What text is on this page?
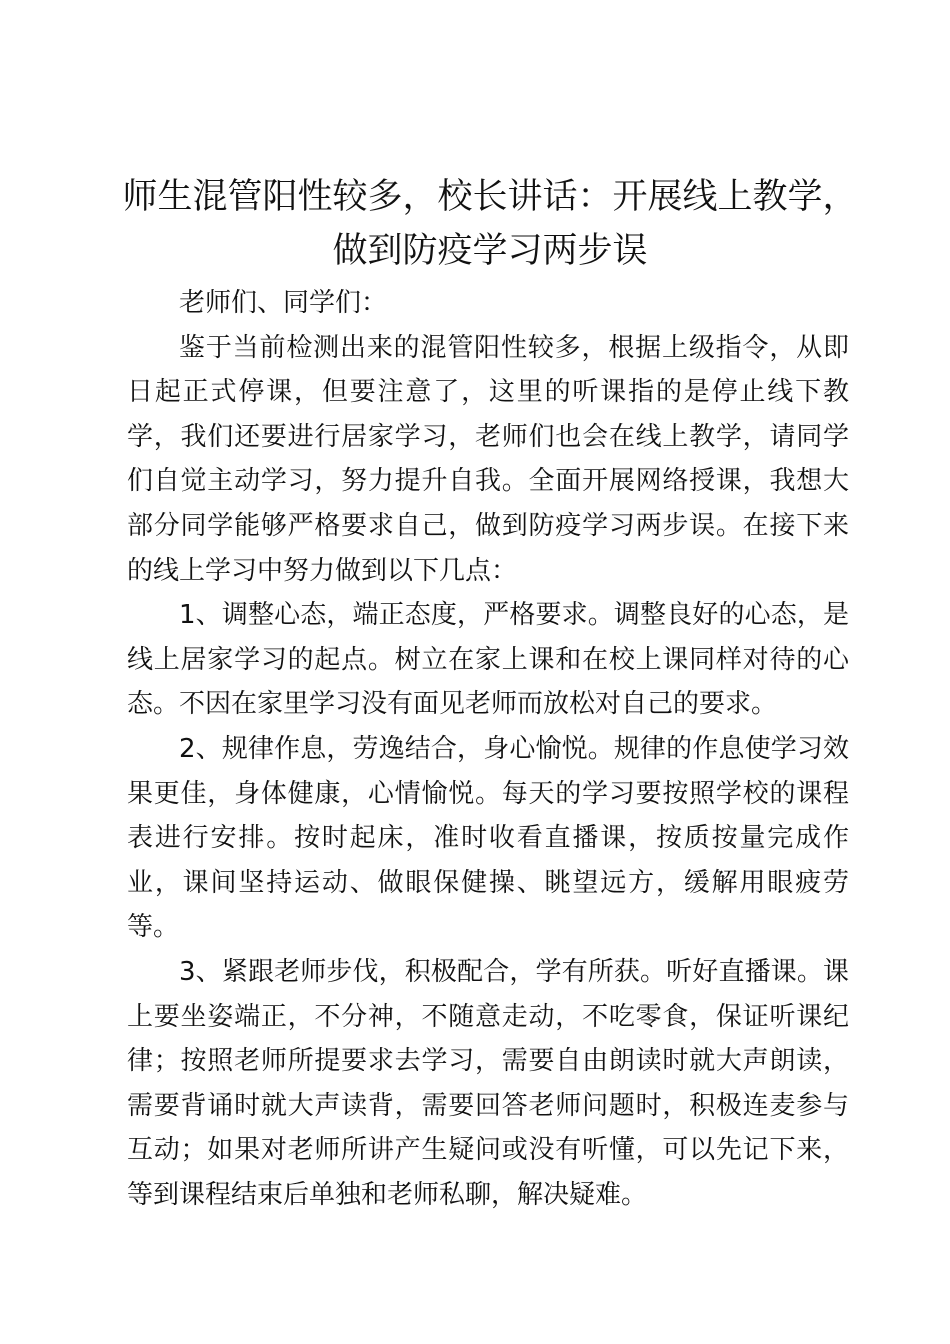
师生混管阳性较多，校长讲话：开展线上教学，做到防疫学习两步误

老师们、同学们：

鉴于当前检测出来的混管阳性较多，根据上级指令，从即日起正式停课，但要注意了，这里的听课指的是停止线下教学，我们还要进行居家学习，老师们也会在线上教学，请同学们自觉主动学习，努力提升自我。全面开展网络授课，我想大部分同学能够严格要求自己，做到防疫学习两步误。在接下来的线上学习中努力做到以下几点：

1、调整心态，端正态度，严格要求。调整良好的心态，是线上居家学习的起点。树立在家上课和在校上课同样对待的心态。不因在家里学习没有面见老师而放松对自己的要求。

2、规律作息，劳逸结合，身心愉悦。规律的作息使学习效果更佳，身体健康，心情愉悦。每天的学习要按照学校的课程表进行安排。按时起床，准时收看直播课，按质按量完成作业，课间坚持运动、做眼保健操、眺望远方，缓解用眼疲劳等。

3、紧跟老师步伐，积极配合，学有所获。听好直播课。课上要坐姿端正，不分神，不随意走动，不吃零食，保证听课纪律；按照老师所提要求去学习，需要自由朗读时就大声朗读，需要背诵时就大声读背，需要回答老师问题时，积极连麦参与互动；如果对老师所讲产生疑问或没有听懂，可以先记下来，等到课程结束后单独和老师私聊，解决疑难。
